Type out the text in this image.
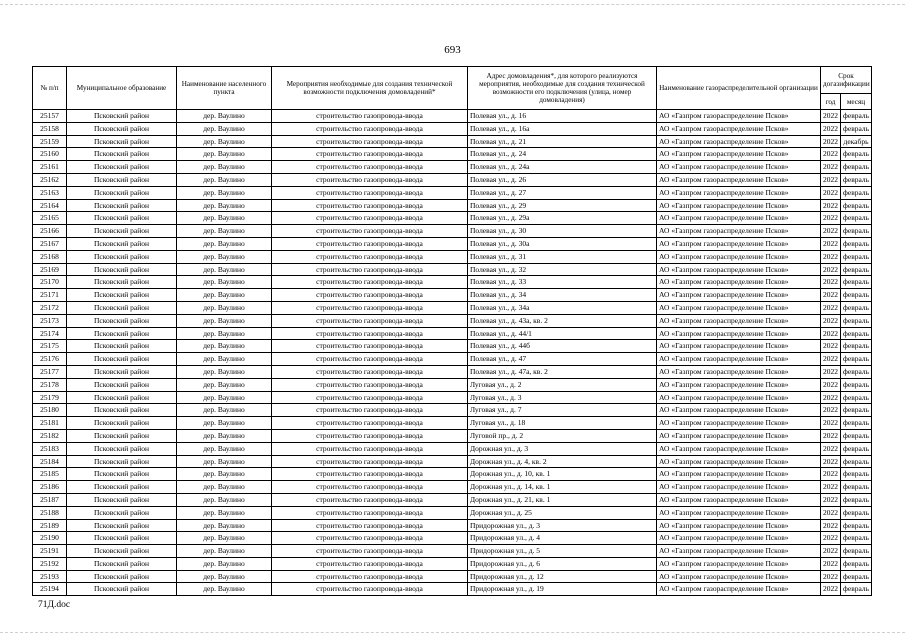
693
№ п/п	Муниципальное образование	Наименование населенного пункта	Мероприятия необходимые для создания технической возможности подключения домовладений*	Адрес домовладения*, для которого реализуются мероприятия, необходимые для создания технической возможности его подключения (улица, номер домовладения)	Наименование газораспределительной организации	Срок догазификации	
						год	месяц
25157	Псковский район	дер. Ваулино	строительство газопровода-ввода	Полевая ул., д. 16	АО «Газпром газораспределение Псков»	2022	февраль
25158	Псковский район	дер. Ваулино	строительство газопровода-ввода	Полевая ул., д. 16а	АО «Газпром газораспределение Псков»	2022	февраль
25159	Псковский район	дер. Ваулино	строительство газопровода-ввода	Полевая ул., д. 21	АО «Газпром газораспределение Псков»	2022	декабрь
25160	Псковский район	дер. Ваулино	строительство газопровода-ввода	Полевая ул., д. 24	АО «Газпром газораспределение Псков»	2022	февраль
25161	Псковский район	дер. Ваулино	строительство газопровода-ввода	Полевая ул., д. 24а	АО «Газпром газораспределение Псков»	2022	февраль
25162	Псковский район	дер. Ваулино	строительство газопровода-ввода	Полевая ул., д. 26	АО «Газпром газораспределение Псков»	2022	февраль
25163	Псковский район	дер. Ваулино	строительство газопровода-ввода	Полевая ул., д. 27	АО «Газпром газораспределение Псков»	2022	февраль
25164	Псковский район	дер. Ваулино	строительство газопровода-ввода	Полевая ул., д. 29	АО «Газпром газораспределение Псков»	2022	февраль
25165	Псковский район	дер. Ваулино	строительство газопровода-ввода	Полевая ул., д. 29а	АО «Газпром газораспределение Псков»	2022	февраль
25166	Псковский район	дер. Ваулино	строительство газопровода-ввода	Полевая ул., д. 30	АО «Газпром газораспределение Псков»	2022	февраль
25167	Псковский район	дер. Ваулино	строительство газопровода-ввода	Полевая ул., д. 30а	АО «Газпром газораспределение Псков»	2022	февраль
25168	Псковский район	дер. Ваулино	строительство газопровода-ввода	Полевая ул., д. 31	АО «Газпром газораспределение Псков»	2022	февраль
25169	Псковский район	дер. Ваулино	строительство газопровода-ввода	Полевая ул., д. 32	АО «Газпром газораспределение Псков»	2022	февраль
25170	Псковский район	дер. Ваулино	строительство газопровода-ввода	Полевая ул., д. 33	АО «Газпром газораспределение Псков»	2022	февраль
25171	Псковский район	дер. Ваулино	строительство газопровода-ввода	Полевая ул., д. 34	АО «Газпром газораспределение Псков»	2022	февраль
25172	Псковский район	дер. Ваулино	строительство газопровода-ввода	Полевая ул., д. 34а	АО «Газпром газораспределение Псков»	2022	февраль
25173	Псковский район	дер. Ваулино	строительство газопровода-ввода	Полевая ул., д. 43а, кв. 2	АО «Газпром газораспределение Псков»	2022	февраль
25174	Псковский район	дер. Ваулино	строительство газопровода-ввода	Полевая ул., д. 44/1	АО «Газпром газораспределение Псков»	2022	февраль
25175	Псковский район	дер. Ваулино	строительство газопровода-ввода	Полевая ул., д. 44б	АО «Газпром газораспределение Псков»	2022	февраль
25176	Псковский район	дер. Ваулино	строительство газопровода-ввода	Полевая ул., д. 47	АО «Газпром газораспределение Псков»	2022	февраль
25177	Псковский район	дер. Ваулино	строительство газопровода-ввода	Полевая ул., д. 47а, кв. 2	АО «Газпром газораспределение Псков»	2022	февраль
25178	Псковский район	дер. Ваулино	строительство газопровода-ввода	Луговая ул., д. 2	АО «Газпром газораспределение Псков»	2022	февраль
25179	Псковский район	дер. Ваулино	строительство газопровода-ввода	Луговая ул., д. 3	АО «Газпром газораспределение Псков»	2022	февраль
25180	Псковский район	дер. Ваулино	строительство газопровода-ввода	Луговая ул., д. 7	АО «Газпром газораспределение Псков»	2022	февраль
25181	Псковский район	дер. Ваулино	строительство газопровода-ввода	Луговая ул., д. 18	АО «Газпром газораспределение Псков»	2022	февраль
25182	Псковский район	дер. Ваулино	строительство газопровода-ввода	Луговой пр., д. 2	АО «Газпром газораспределение Псков»	2022	февраль
25183	Псковский район	дер. Ваулино	строительство газопровода-ввода	Дорожная ул., д. 3	АО «Газпром газораспределение Псков»	2022	февраль
25184	Псковский район	дер. Ваулино	строительство газопровода-ввода	Дорожная ул., д. 4, кв. 2	АО «Газпром газораспределение Псков»	2022	февраль
25185	Псковский район	дер. Ваулино	строительство газопровода-ввода	Дорожная ул., д. 10, кв. 1	АО «Газпром газораспределение Псков»	2022	февраль
25186	Псковский район	дер. Ваулино	строительство газопровода-ввода	Дорожная ул., д. 14, кв. 1	АО «Газпром газораспределение Псков»	2022	февраль
25187	Псковский район	дер. Ваулино	строительство газопровода-ввода	Дорожная ул., д. 21, кв. 1	АО «Газпром газораспределение Псков»	2022	февраль
25188	Псковский район	дер. Ваулино	строительство газопровода-ввода	Дорожная ул., д. 25	АО «Газпром газораспределение Псков»	2022	февраль
25189	Псковский район	дер. Ваулино	строительство газопровода-ввода	Придорожная ул., д. 3	АО «Газпром газораспределение Псков»	2022	февраль
25190	Псковский район	дер. Ваулино	строительство газопровода-ввода	Придорожная ул., д. 4	АО «Газпром газораспределение Псков»	2022	февраль
25191	Псковский район	дер. Ваулино	строительство газопровода-ввода	Придорожная ул., д. 5	АО «Газпром газораспределение Псков»	2022	февраль
25192	Псковский район	дер. Ваулино	строительство газопровода-ввода	Придорожная ул., д. 6	АО «Газпром газораспределение Псков»	2022	февраль
25193	Псковский район	дер. Ваулино	строительство газопровода-ввода	Придорожная ул., д. 12	АО «Газпром газораспределение Псков»	2022	февраль
25194	Псковский район	дер. Ваулино	строительство газопровода-ввода	Придорожная ул., д. 19	АО «Газпром газораспределение Псков»	2022	февраль
71Д.doc
